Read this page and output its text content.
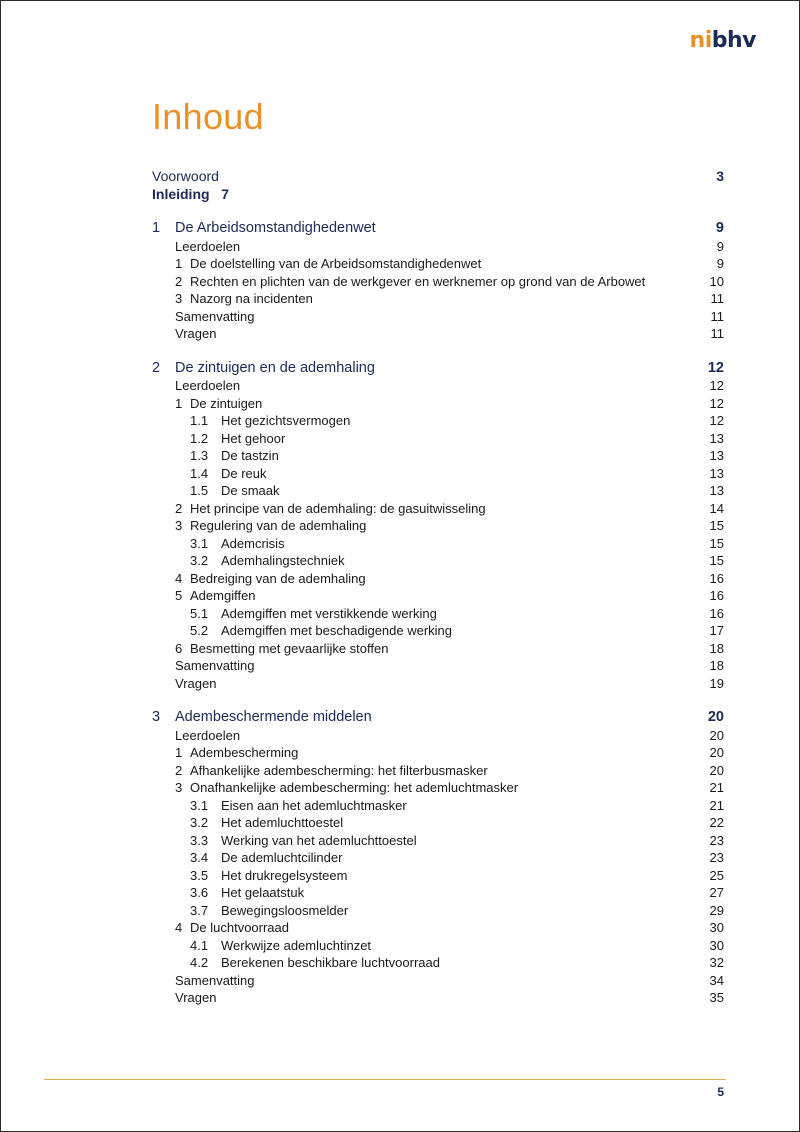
nibhv
Inhoud
Voorwoord	3
Inleiding 7
1 De Arbeidsomstandighedenwet	9
Leerdoelen	9
1 De doelstelling van de Arbeidsomstandighedenwet	9
2 Rechten en plichten van de werkgever en werknemer op grond van de Arbowet	10
3 Nazorg na incidenten	11
Samenvatting	11
Vragen	11
2 De zintuigen en de ademhaling	12
Leerdoelen	12
1 De zintuigen	12
1.1 Het gezichtsvermogen	12
1.2 Het gehoor	13
1.3 De tastzin	13
1.4 De reuk	13
1.5 De smaak	13
2 Het principe van de ademhaling: de gasuitwisseling	14
3 Regulering van de ademhaling	15
3.1 Ademcrisis	15
3.2 Ademhalingstechniek	15
4 Bedreiging van de ademhaling	16
5 Ademgiffen	16
5.1 Ademgiffen met verstikkende werking	16
5.2 Ademgiffen met beschadigende werking	17
6 Besmetting met gevaarlijke stoffen	18
Samenvatting	18
Vragen	19
3 Adembeschermende middelen	20
Leerdoelen	20
1 Adembescherming	20
2 Afhankelijke adembescherming: het filterbusmasker	20
3 Onafhankelijke adembescherming: het ademluchtmasker	21
3.1 Eisen aan het ademluchtmasker	21
3.2 Het ademluchttoestel	22
3.3 Werking van het ademluchttoestel	23
3.4 De ademluchtcilinder	23
3.5 Het drukregelsysteem	25
3.6 Het gelaatstuk	27
3.7 Bewegingsloosmelder	29
4 De luchtvoorraad	30
4.1 Werkwijze ademluchtinzet	30
4.2 Berekenen beschikbare luchtvoorraad	32
Samenvatting	34
Vragen	35
5
